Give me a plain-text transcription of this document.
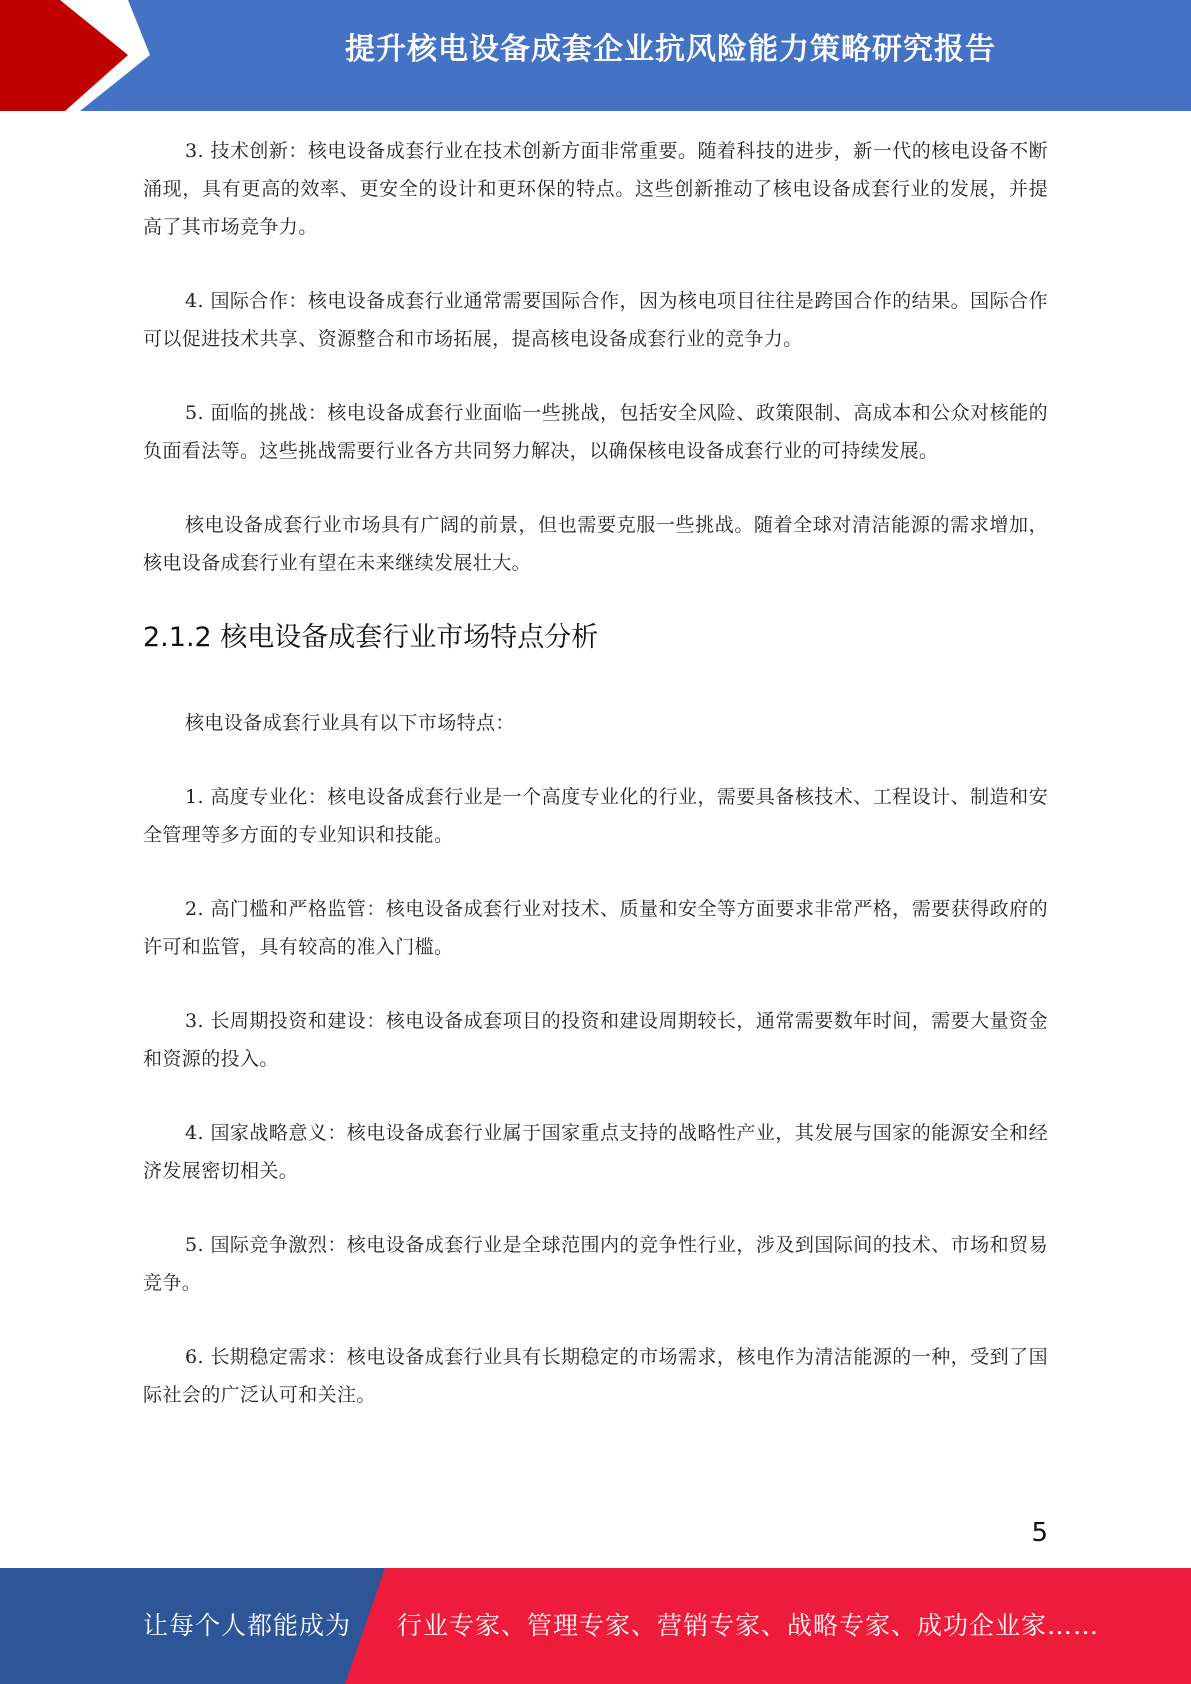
提升核电设备成套企业抗风险能力策略研究报告

3. 技术创新：核电设备成套行业在技术创新方面非常重要。随着科技的进步，新一代的核电设备不断涌现，具有更高的效率、更安全的设计和更环保的特点。这些创新推动了核电设备成套行业的发展，并提高了其市场竞争力。

4. 国际合作：核电设备成套行业通常需要国际合作，因为核电项目往往是跨国合作的结果。国际合作可以促进技术共享、资源整合和市场拓展，提高核电设备成套行业的竞争力。

5. 面临的挑战：核电设备成套行业面临一些挑战，包括安全风险、政策限制、高成本和公众对核能的负面看法等。这些挑战需要行业各方共同努力解决，以确保核电设备成套行业的可持续发展。

核电设备成套行业市场具有广阔的前景，但也需要克服一些挑战。随着全球对清洁能源的需求增加，核电设备成套行业有望在未来继续发展壮大。

2.1.2 核电设备成套行业市场特点分析

核电设备成套行业具有以下市场特点：

1. 高度专业化：核电设备成套行业是一个高度专业化的行业，需要具备核技术、工程设计、制造和安全管理等多方面的专业知识和技能。

2. 高门槛和严格监管：核电设备成套行业对技术、质量和安全等方面要求非常严格，需要获得政府的许可和监管，具有较高的准入门槛。

3. 长周期投资和建设：核电设备成套项目的投资和建设周期较长，通常需要数年时间，需要大量资金和资源的投入。

4. 国家战略意义：核电设备成套行业属于国家重点支持的战略性产业，其发展与国家的能源安全和经济发展密切相关。

5. 国际竞争激烈：核电设备成套行业是全球范围内的竞争性行业，涉及到国际间的技术、市场和贸易竞争。

6. 长期稳定需求：核电设备成套行业具有长期稳定的市场需求，核电作为清洁能源的一种，受到了国际社会的广泛认可和关注。

5
让每个人都能成为 行业专家、管理专家、营销专家、战略专家、成功企业家……
